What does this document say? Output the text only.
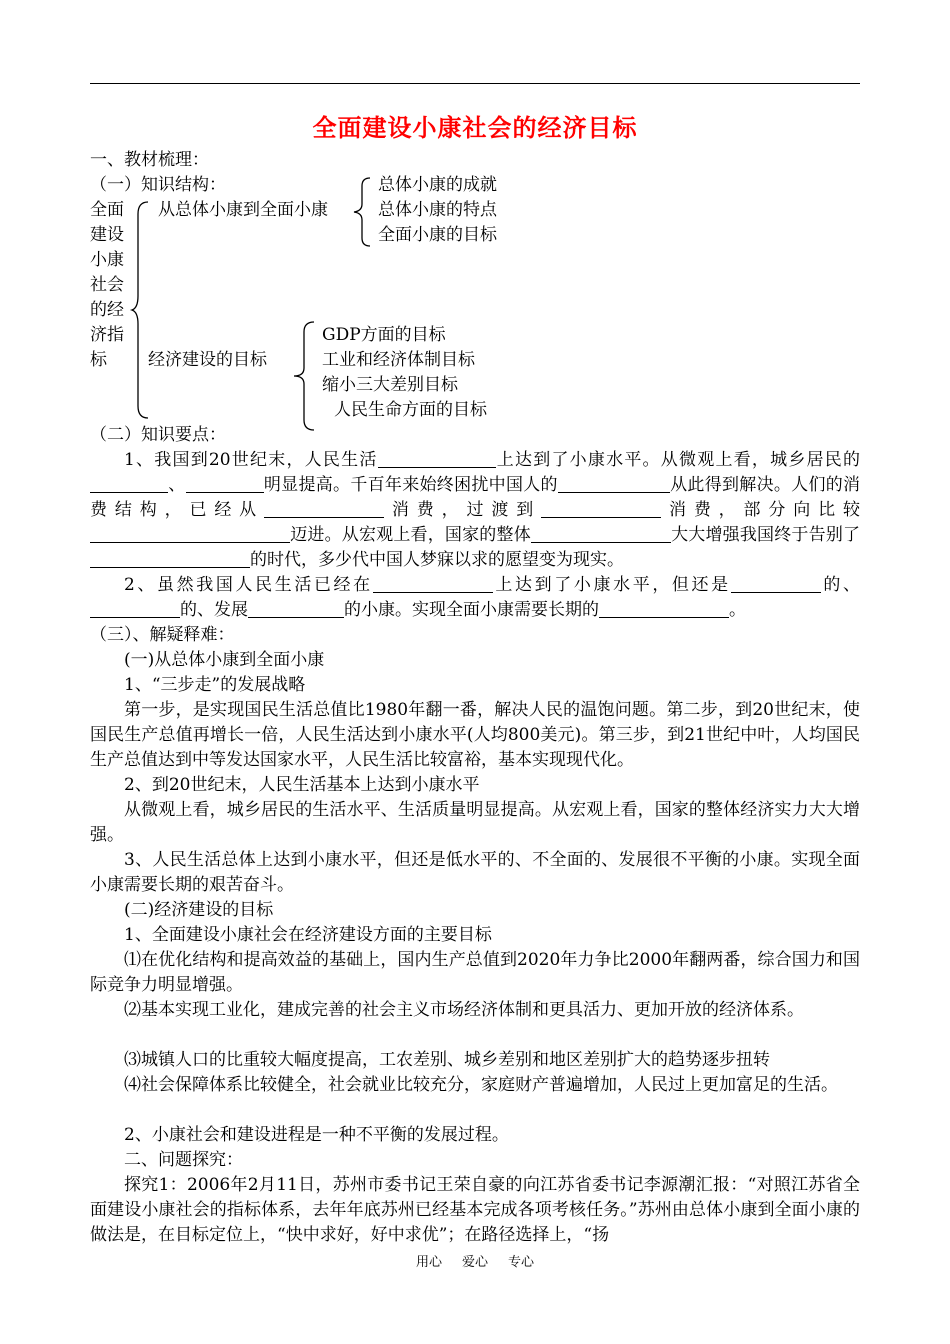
全面建设小康社会的经济目标
一、教材梳理：
（一）知识结构：
全面
建设
小康
社会
的经
济指
标
从总体小康到全面小康
总体小康的成就
总体小康的特点
全面小康的目标
经济建设的目标
GDP方面的目标
工业和经济体制目标
缩小三大差别目标
人民生命方面的目标
（二）知识要点：
1、我国到20世纪末，人民生活	上达到了小康水平。从微观上看，城乡居民的、	明显提高。千百年来始终困扰中国人的	从此得到解决。人们的消费结构，已经从	消费，过渡到	消费，部分向比较迈进。从宏观上看，国家的整体	大大增强我国终于告别了的时代，多少代中国人梦寐以求的愿望变为现实。
2、虽然我国人民生活已经在	上达到了小康水平，但还是	的、的、发展	的小康。实现全面小康需要长期的	。
（三）、解疑释难：
(一)从总体小康到全面小康
1、“三步走”的发展战略
第一步，是实现国民生活总值比1980年翻一番，解决人民的温饱问题。第二步，到20世纪末，使国民生产总值再增长一倍，人民生活达到小康水平(人均800美元)。第三步，到21世纪中叶，人均国民生产总值达到中等发达国家水平，人民生活比较富裕，基本实现现代化。
2、到20世纪末，人民生活基本上达到小康水平
从微观上看，城乡居民的生活水平、生活质量明显提高。从宏观上看，国家的整体经济实力大大增强。
3、人民生活总体上达到小康水平，但还是低水平的、不全面的、发展很不平衡的小康。实现全面小康需要长期的艰苦奋斗。
(二)经济建设的目标
1、全面建设小康社会在经济建设方面的主要目标
⑴在优化结构和提高效益的基础上，国内生产总值到2020年力争比2000年翻两番，综合国力和国际竞争力明显增强。
⑵基本实现工业化，建成完善的社会主义市场经济体制和更具活力、更加开放的经济体系。
⑶城镇人口的比重较大幅度提高，工农差别、城乡差别和地区差别扩大的趋势逐步扭转
⑷社会保障体系比较健全，社会就业比较充分，家庭财产普遍增加，人民过上更加富足的生活。
2、小康社会和建设进程是一种不平衡的发展过程。
二、问题探究：
探究1：2006年2月11日，苏州市委书记王荣自豪的向江苏省委书记李源潮汇报：“对照江苏省全面建设小康社会的指标体系，去年年底苏州已经基本完成各项考核任务。”苏州由总体小康到全面小康的做法是，在目标定位上，“快中求好，好中求优”；在路径选择上，“扬
用心 爱心 专心
